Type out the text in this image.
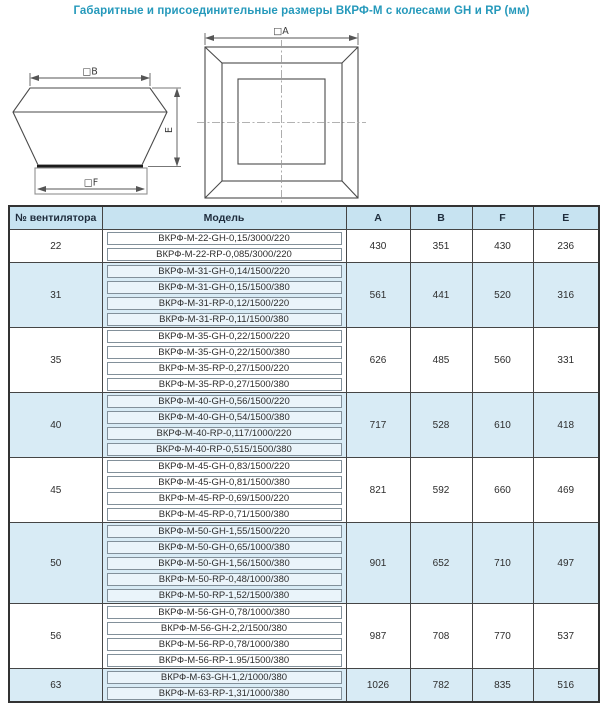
Габаритные и присоединительные размеры ВКРФ-М с колесами GH и RP (мм)
□B
□F
E
□A
№ вентилятора	Модель	A	B	F	E
22	ВКРФ-М-22-GH-0,15/3000/220	430	351	430	236

	ВКРФ-М-22-RP-0,085/3000/220				

31	ВКРФ-М-31-GH-0,14/1500/220	561	441	520	316

	ВКРФ-М-31-GH-0,15/1500/380				

	ВКРФ-М-31-RP-0,12/1500/220				

	ВКРФ-М-31-RP-0,11/1500/380				

35	ВКРФ-М-35-GH-0,22/1500/220	626	485	560	331

	ВКРФ-М-35-GH-0,22/1500/380				

	ВКРФ-М-35-RP-0,27/1500/220				

	ВКРФ-М-35-RP-0,27/1500/380				

40	ВКРФ-М-40-GH-0,56/1500/220	717	528	610	418

	ВКРФ-М-40-GH-0,54/1500/380				

	ВКРФ-М-40-RP-0,117/1000/220				

	ВКРФ-М-40-RP-0,515/1500/380				

45	ВКРФ-М-45-GH-0,83/1500/220	821	592	660	469

	ВКРФ-М-45-GH-0,81/1500/380				

	ВКРФ-М-45-RP-0,69/1500/220				

	ВКРФ-М-45-RP-0,71/1500/380				

50	ВКРФ-М-50-GH-1,55/1500/220	901	652	710	497

	ВКРФ-М-50-GH-0,65/1000/380				

	ВКРФ-М-50-GH-1,56/1500/380				

	ВКРФ-М-50-RP-0,48/1000/380				

	ВКРФ-М-50-RP-1,52/1500/380				

56	ВКРФ-М-56-GH-0,78/1000/380	987	708	770	537

	ВКРФ-М-56-GH-2,2/1500/380				

	ВКРФ-М-56-RP-0,78/1000/380				

	ВКРФ-М-56-RP-1.95/1500/380				

63	ВКРФ-М-63-GH-1,2/1000/380	1026	782	835	516

	ВКРФ-М-63-RP-1,31/1000/380				
